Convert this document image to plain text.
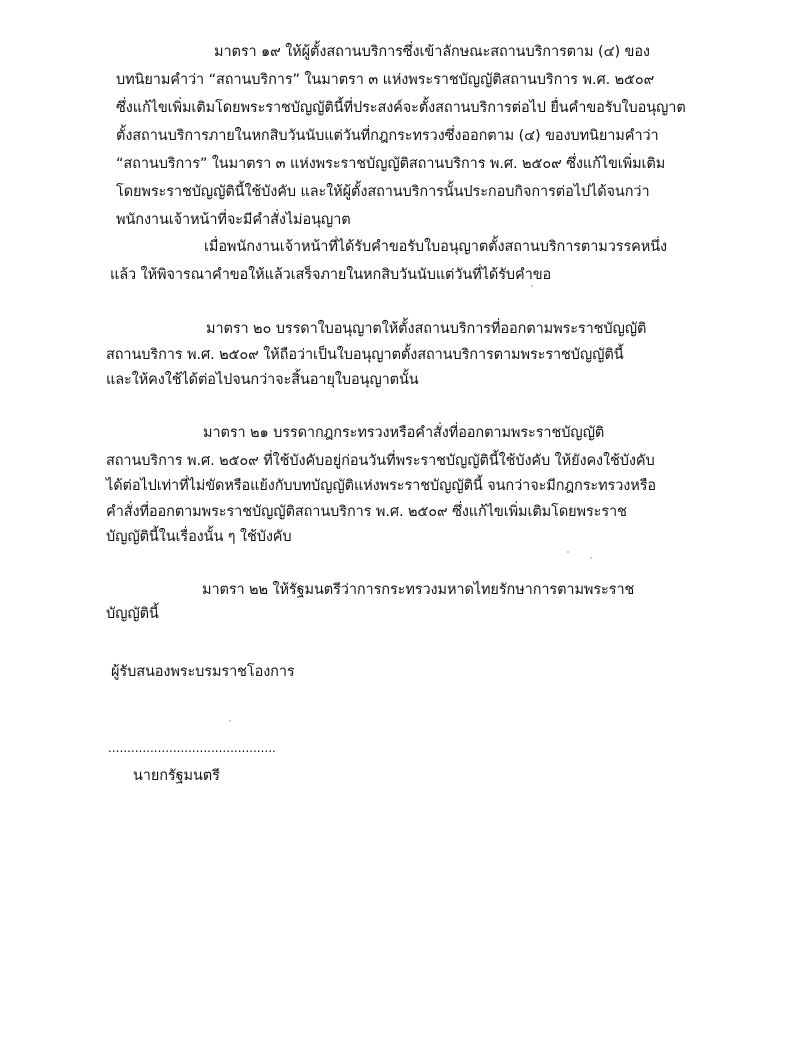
มาตรา ๑๙ ให้ผู้ตั้งสถานบริการซึ่งเข้าลักษณะสถานบริการตาม (๔) ของ
บทนิยามคำว่า “สถานบริการ” ในมาตรา ๓ แห่งพระราชบัญญัติสถานบริการ พ.ศ. ๒๕๐๙
ซึ่งแก้ไขเพิ่มเติมโดยพระราชบัญญัตินี้ที่ประสงค์จะตั้งสถานบริการต่อไป ยื่นคำขอรับใบอนุญาต
ตั้งสถานบริการภายในหกสิบวันนับแต่วันที่กฎกระทรวงซึ่งออกตาม (๔) ของบทนิยามคำว่า
“สถานบริการ” ในมาตรา ๓ แห่งพระราชบัญญัติสถานบริการ พ.ศ. ๒๕๐๙ ซึ่งแก้ไขเพิ่มเติม
โดยพระราชบัญญัตินี้ใช้บังคับ และให้ผู้ตั้งสถานบริการนั้นประกอบกิจการต่อไปได้จนกว่า
พนักงานเจ้าหน้าที่จะมีคำสั่งไม่อนุญาต
เมื่อพนักงานเจ้าหน้าที่ได้รับคำขอรับใบอนุญาตตั้งสถานบริการตามวรรคหนึ่ง
แล้ว ให้พิจารณาคำขอให้แล้วเสร็จภายในหกสิบวันนับแต่วันที่ได้รับคำขอ
มาตรา ๒๐ บรรดาใบอนุญาตให้ตั้งสถานบริการที่ออกตามพระราชบัญญัติ
สถานบริการ พ.ศ. ๒๕๐๙ ให้ถือว่าเป็นใบอนุญาตตั้งสถานบริการตามพระราชบัญญัตินี้
และให้คงใช้ได้ต่อไปจนกว่าจะสิ้นอายุใบอนุญาตนั้น
มาตรา ๒๑ บรรดากฎกระทรวงหรือคำสั่งที่ออกตามพระราชบัญญัติ
สถานบริการ พ.ศ. ๒๕๐๙ ที่ใช้บังคับอยู่ก่อนวันที่พระราชบัญญัตินี้ใช้บังคับ ให้ยังคงใช้บังคับ
ได้ต่อไปเท่าที่ไม่ขัดหรือแย้งกับบทบัญญัติแห่งพระราชบัญญัตินี้ จนกว่าจะมีกฎกระทรวงหรือ
คำสั่งที่ออกตามพระราชบัญญัติสถานบริการ พ.ศ. ๒๕๐๙ ซึ่งแก้ไขเพิ่มเติมโดยพระราช
บัญญัตินี้ในเรื่องนั้น ๆ ใช้บังคับ
มาตรา ๒๒ ให้รัฐมนตรีว่าการกระทรวงมหาดไทยรักษาการตามพระราช
บัญญัตินี้
ผู้รับสนองพระบรมราชโองการ
............................................
นายกรัฐมนตรี
